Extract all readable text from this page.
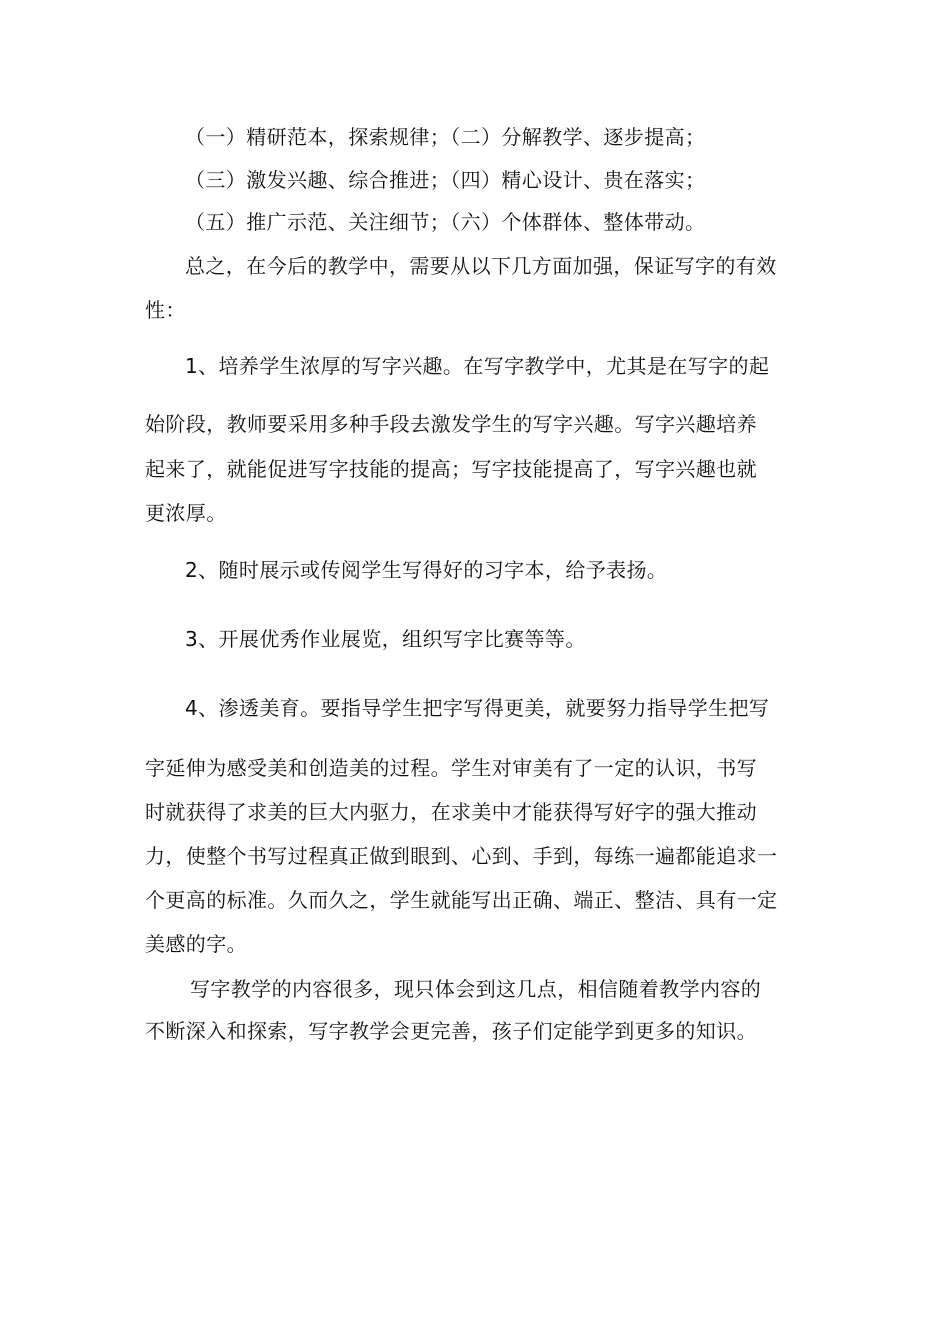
（一）精研范本，探索规律；（二）分解教学、逐步提高；
（三）激发兴趣、综合推进；（四）精心设计、贵在落实；
（五）推广示范、关注细节；（六）个体群体、整体带动。
总之，在今后的教学中，需要从以下几方面加强，保证写字的有效
性：
1、培养学生浓厚的写字兴趣。在写字教学中，尤其是在写字的起
始阶段，教师要采用多种手段去激发学生的写字兴趣。写字兴趣培养
起来了，就能促进写字技能的提高；写字技能提高了，写字兴趣也就
更浓厚。
2、随时展示或传阅学生写得好的习字本，给予表扬。
3、开展优秀作业展览，组织写字比赛等等。
4、渗透美育。要指导学生把字写得更美，就要努力指导学生把写
字延伸为感受美和创造美的过程。学生对审美有了一定的认识，书写
时就获得了求美的巨大内驱力，在求美中才能获得写好字的强大推动
力，使整个书写过程真正做到眼到、心到、手到，每练一遍都能追求一
个更高的标准。久而久之，学生就能写出正确、端正、整洁、具有一定
美感的字。
写字教学的内容很多，现只体会到这几点，相信随着教学内容的
不断深入和探索，写字教学会更完善，孩子们定能学到更多的知识。
